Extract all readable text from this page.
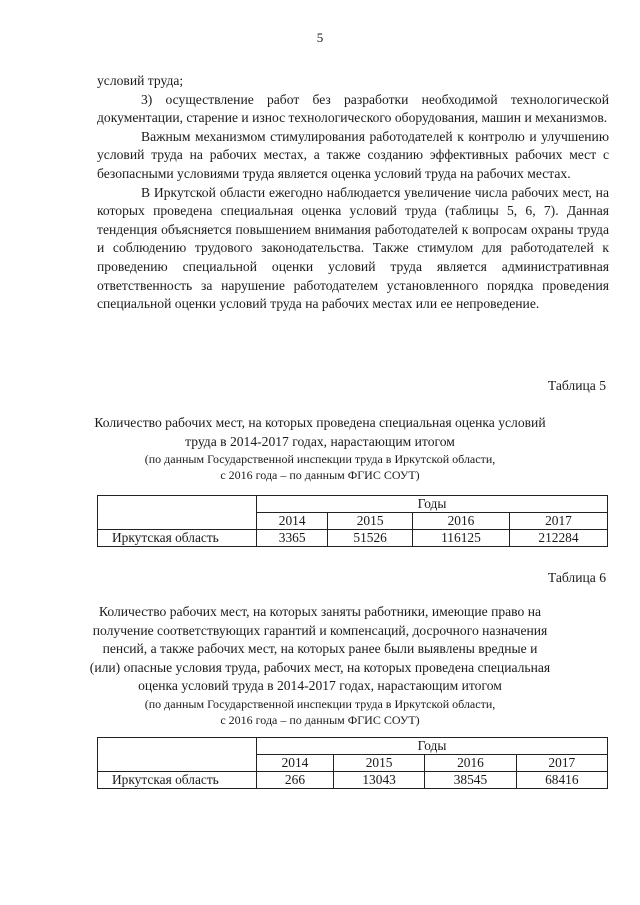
5

условий труда;

3) осуществление работ без разработки необходимой технологической документации, старение и износ технологического оборудования, машин и механизмов.

Важным механизмом стимулирования работодателей к контролю и улучшению условий труда на рабочих местах, а также созданию эффективных рабочих мест с безопасными условиями труда является оценка условий труда на рабочих местах.

В Иркутской области ежегодно наблюдается увеличение числа рабочих мест, на которых проведена специальная оценка условий труда (таблицы 5, 6, 7). Данная тенденция объясняется повышением внимания работодателей к вопросам охраны труда и соблюдению трудового законодательства. Также стимулом для работодателей к проведению специальной оценки условий труда является административная ответственность за нарушение работодателем установленного порядка проведения специальной оценки условий труда на рабочих местах или ее непроведение.

Таблица 5
Количество рабочих мест, на которых проведена специальная оценка условий
труда в 2014-2017 годах, нарастающим итогом
(по данным Государственной инспекции труда в Иркутской области,
с 2016 года – по данным ФГИС СОУТ)
	Годы			
	2014	2015	2016	2017
Иркутская область	3365	51526	116125	212284
Таблица 6
Количество рабочих мест, на которых заняты работники, имеющие право на
получение соответствующих гарантий и компенсаций, досрочного назначения
пенсий, а также рабочих мест, на которых ранее были выявлены вредные и
(или) опасные условия труда, рабочих мест, на которых проведена специальная
оценка условий труда в 2014-2017 годах, нарастающим итогом
(по данным Государственной инспекции труда в Иркутской области,
с 2016 года – по данным ФГИС СОУТ)
	Годы			
	2014	2015	2016	2017
Иркутская область	266	13043	38545	68416
